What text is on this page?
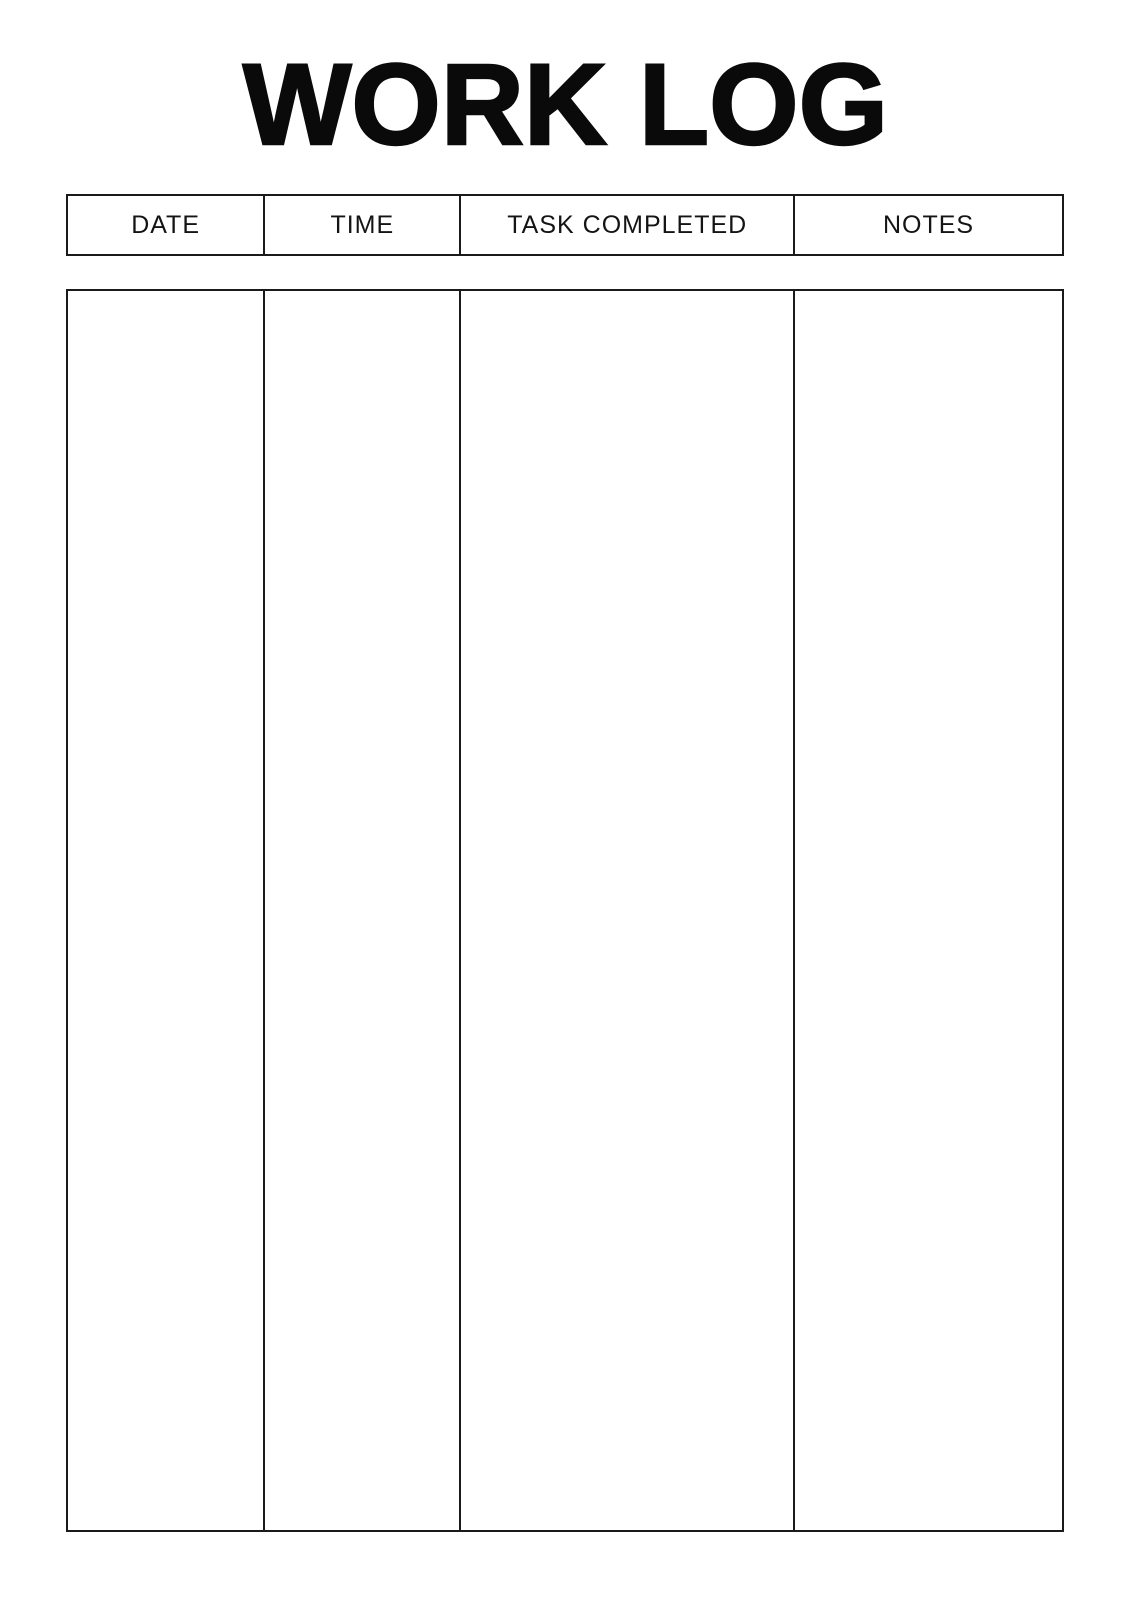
WORK LOG
DATE	TIME	TASK COMPLETED	NOTES
